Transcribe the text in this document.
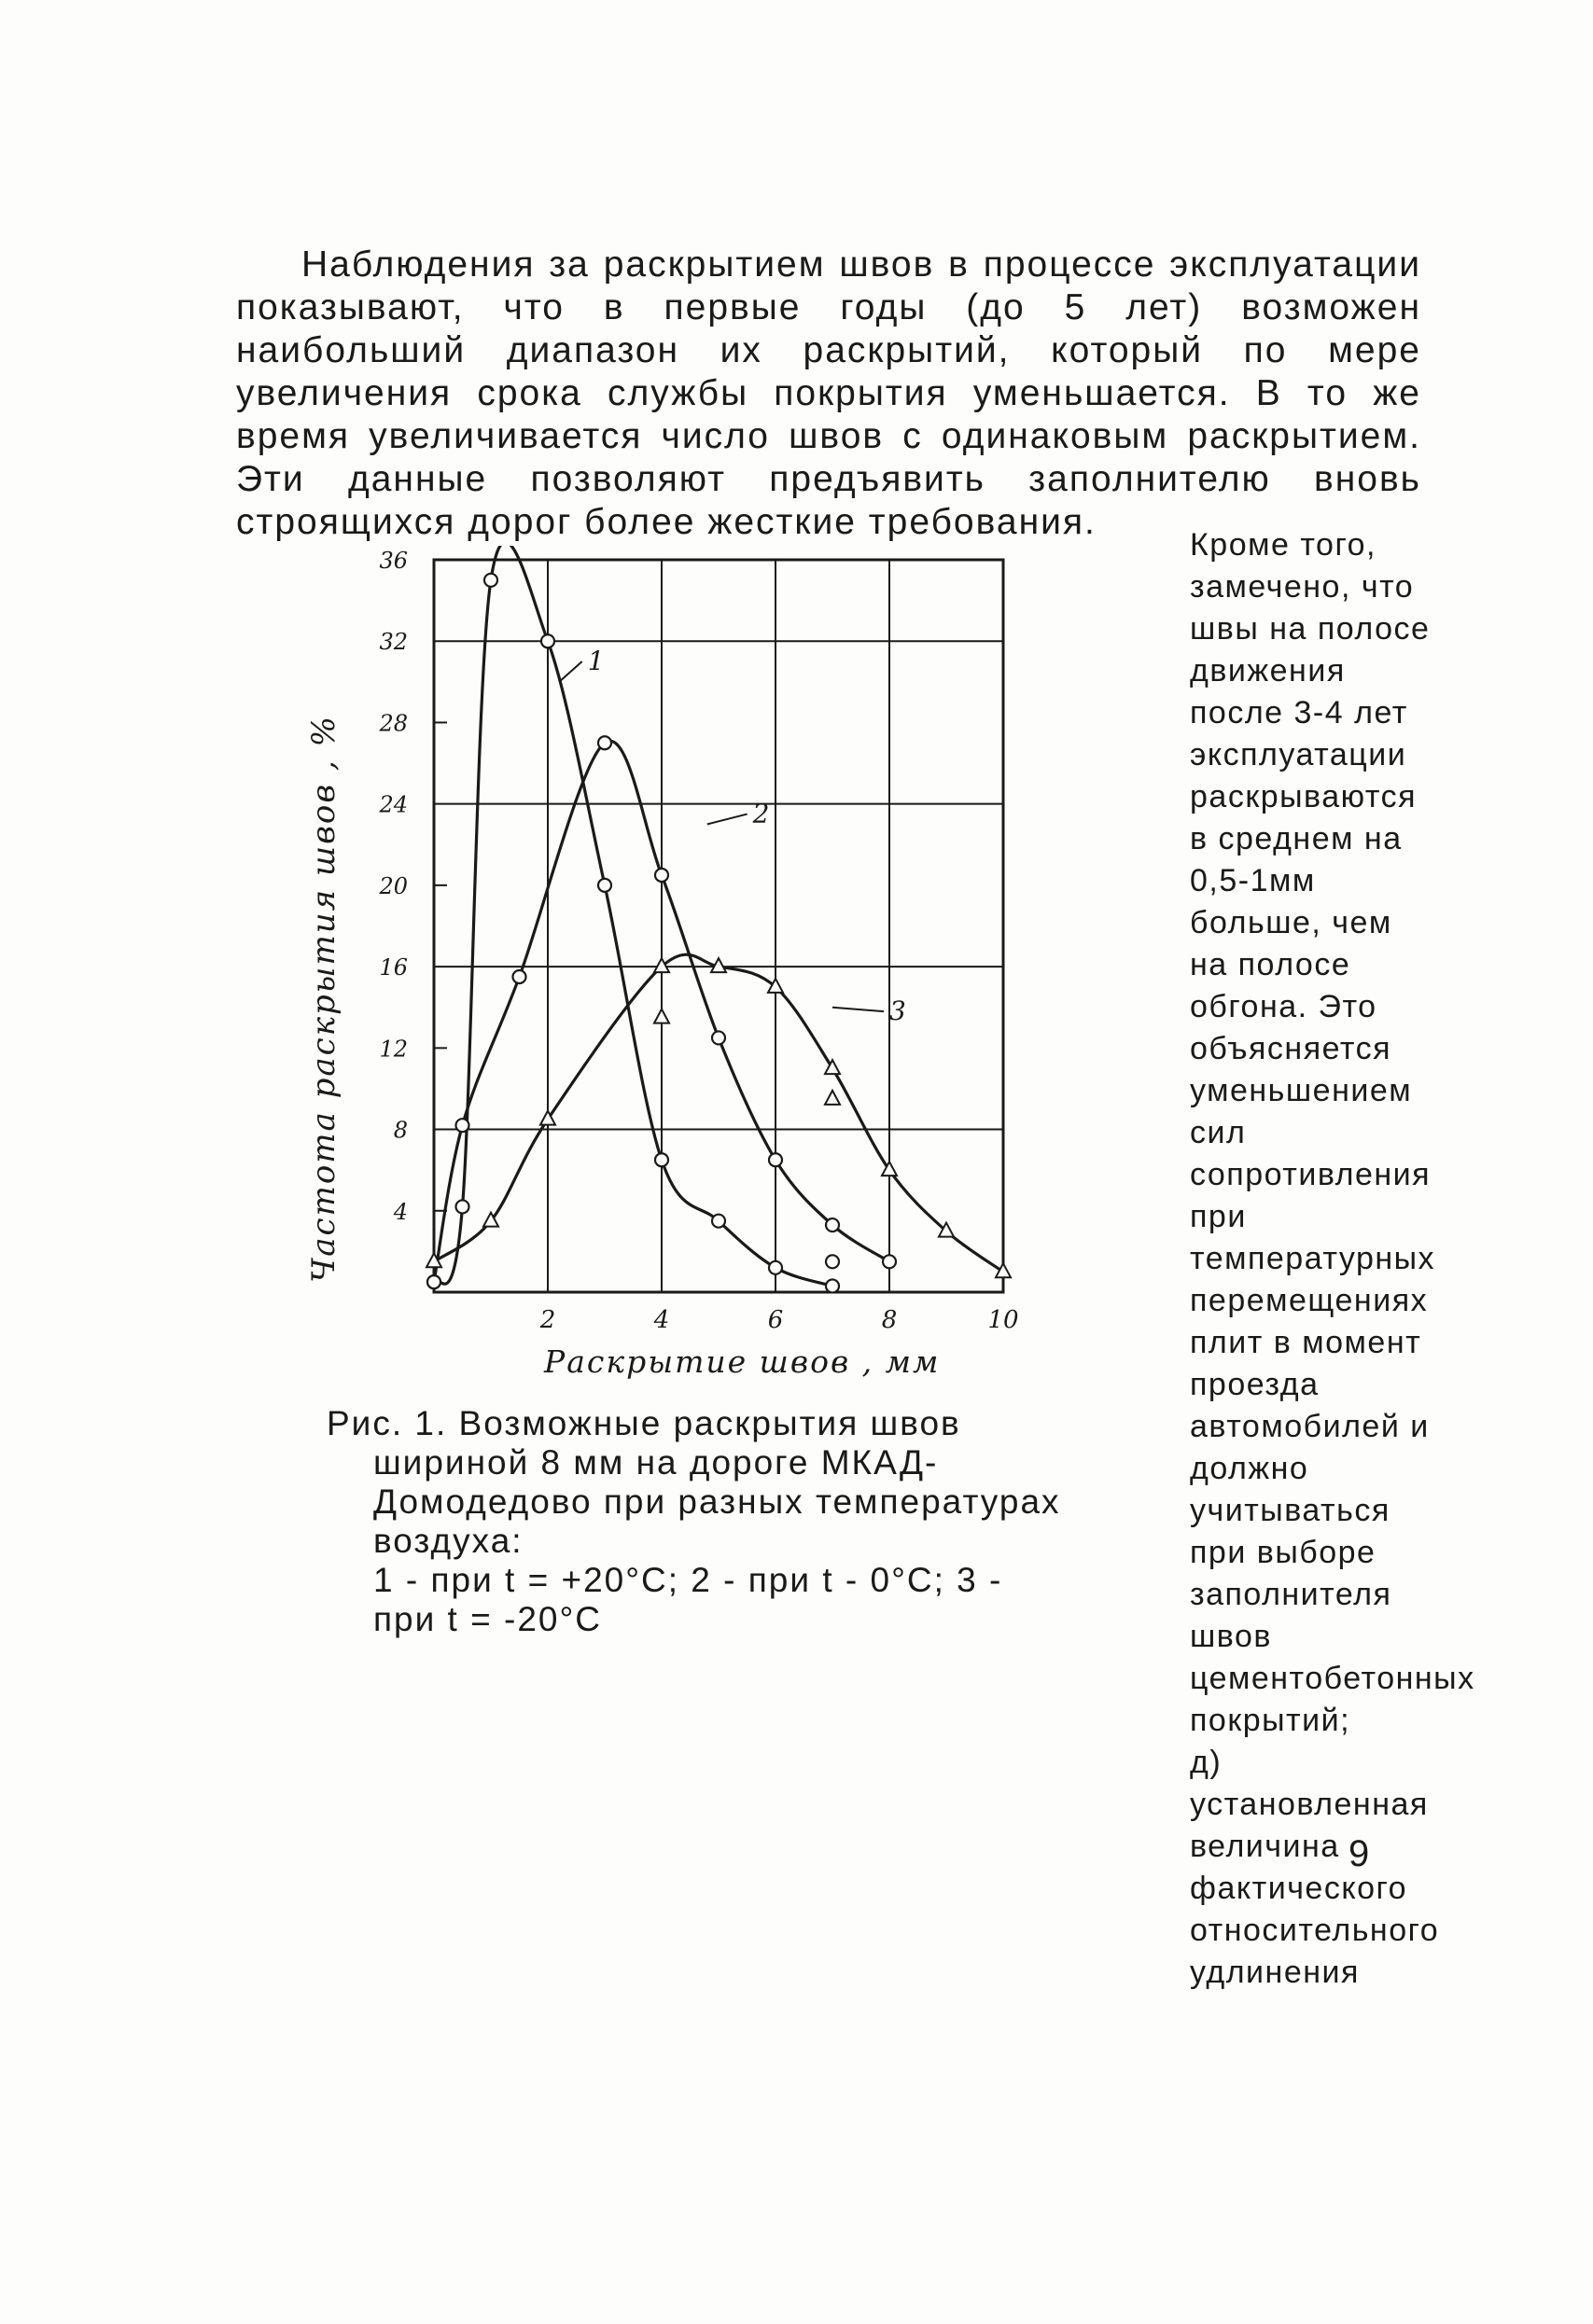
Наблюдения за раскрытием швов в процессе эксплуатации показывают, что в первые годы (до 5 лет) возможен наибольший диапазон их раскрытий, который по мере увеличения срока службы покрытия уменьшается. В то же время увеличивается число швов с одинаковым раскрытием. Эти данные позволяют предъявить заполнителю вновь строящихся дорог более жесткие требования.

2	4	6	8	10
4
8
12
16
20
24
28
32
36
1
2
3
Частота раскрытия швов , %
Раскрытие швов , мм
Рис. 1. Возможные раскрытия швов
шириной 8 мм на дороге МКАД-Домодедово при разных температурах воздуха:
1 - при t = +20°С; 2 - при t - 0°С; 3 - при t = -20°С

Кроме того, замечено, что швы на полосе движения после 3-4 лет эксплуатации раскрываются в среднем на 0,5-1мм больше, чем на полосе обгона. Это объясняется уменьшением сил сопротивления при температурных перемещениях плит в момент проезда автомобилей и должно учитываться при выборе заполнителя швов цементобетонных покрытий;

д) установленная величина фактического относительного удлинения

9
